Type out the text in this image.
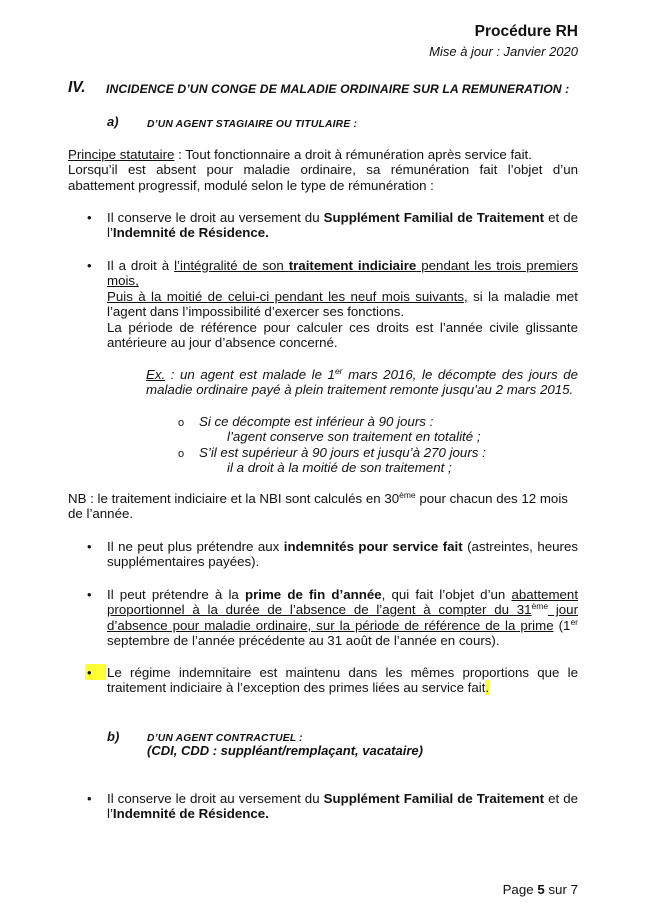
Procédure RH
Mise à jour : Janvier 2020
IV. INCIDENCE D’UN CONGE DE MALADIE ORDINAIRE SUR LA REMUNERATION :
a)	D’UN AGENT STAGIAIRE OU TITULAIRE :
Principe statutaire : Tout fonctionnaire a droit à rémunération après service fait.
Lorsqu’il est absent pour maladie ordinaire, sa rémunération fait l’objet d’un abattement progressif, modulé selon le type de rémunération :
• Il conserve le droit au versement du Supplément Familial de Traitement et de l’Indemnité de Résidence.
• Il a droit à l’intégralité de son traitement indiciaire pendant les trois premiers mois,
Puis à la moitié de celui-ci pendant les neuf mois suivants, si la maladie met l’agent dans l’impossibilité d’exercer ses fonctions.
La période de référence pour calculer ces droits est l’année civile glissante antérieure au jour d’absence concerné.
Ex. : un agent est malade le 1er mars 2016, le décompte des jours de maladie ordinaire payé à plein traitement remonte jusqu’au 2 mars 2015.
o Si ce décompte est inférieur à 90 jours :
l’agent conserve son traitement en totalité ;
o S’il est supérieur à 90 jours et jusqu’à 270 jours :
il a droit à la moitié de son traitement ;
NB : le traitement indiciaire et la NBI sont calculés en 30ème pour chacun des 12 mois de l’année.
• Il ne peut plus prétendre aux indemnités pour service fait (astreintes, heures supplémentaires payées).
• Il peut prétendre à la prime de fin d’année, qui fait l’objet d’un abattement proportionnel à la durée de l’absence de l’agent à compter du 31ème jour d’absence pour maladie ordinaire, sur la période de référence de la prime (1er septembre de l’année précédente au 31 août de l’année en cours).
• Le régime indemnitaire est maintenu dans les mêmes proportions que le traitement indiciaire à l’exception des primes liées au service fait.
b)	D’UN AGENT CONTRACTUEL :
(CDI, CDD : suppléant/remplaçant, vacataire)
• Il conserve le droit au versement du Supplément Familial de Traitement et de l’Indemnité de Résidence.
Page 5 sur 7
